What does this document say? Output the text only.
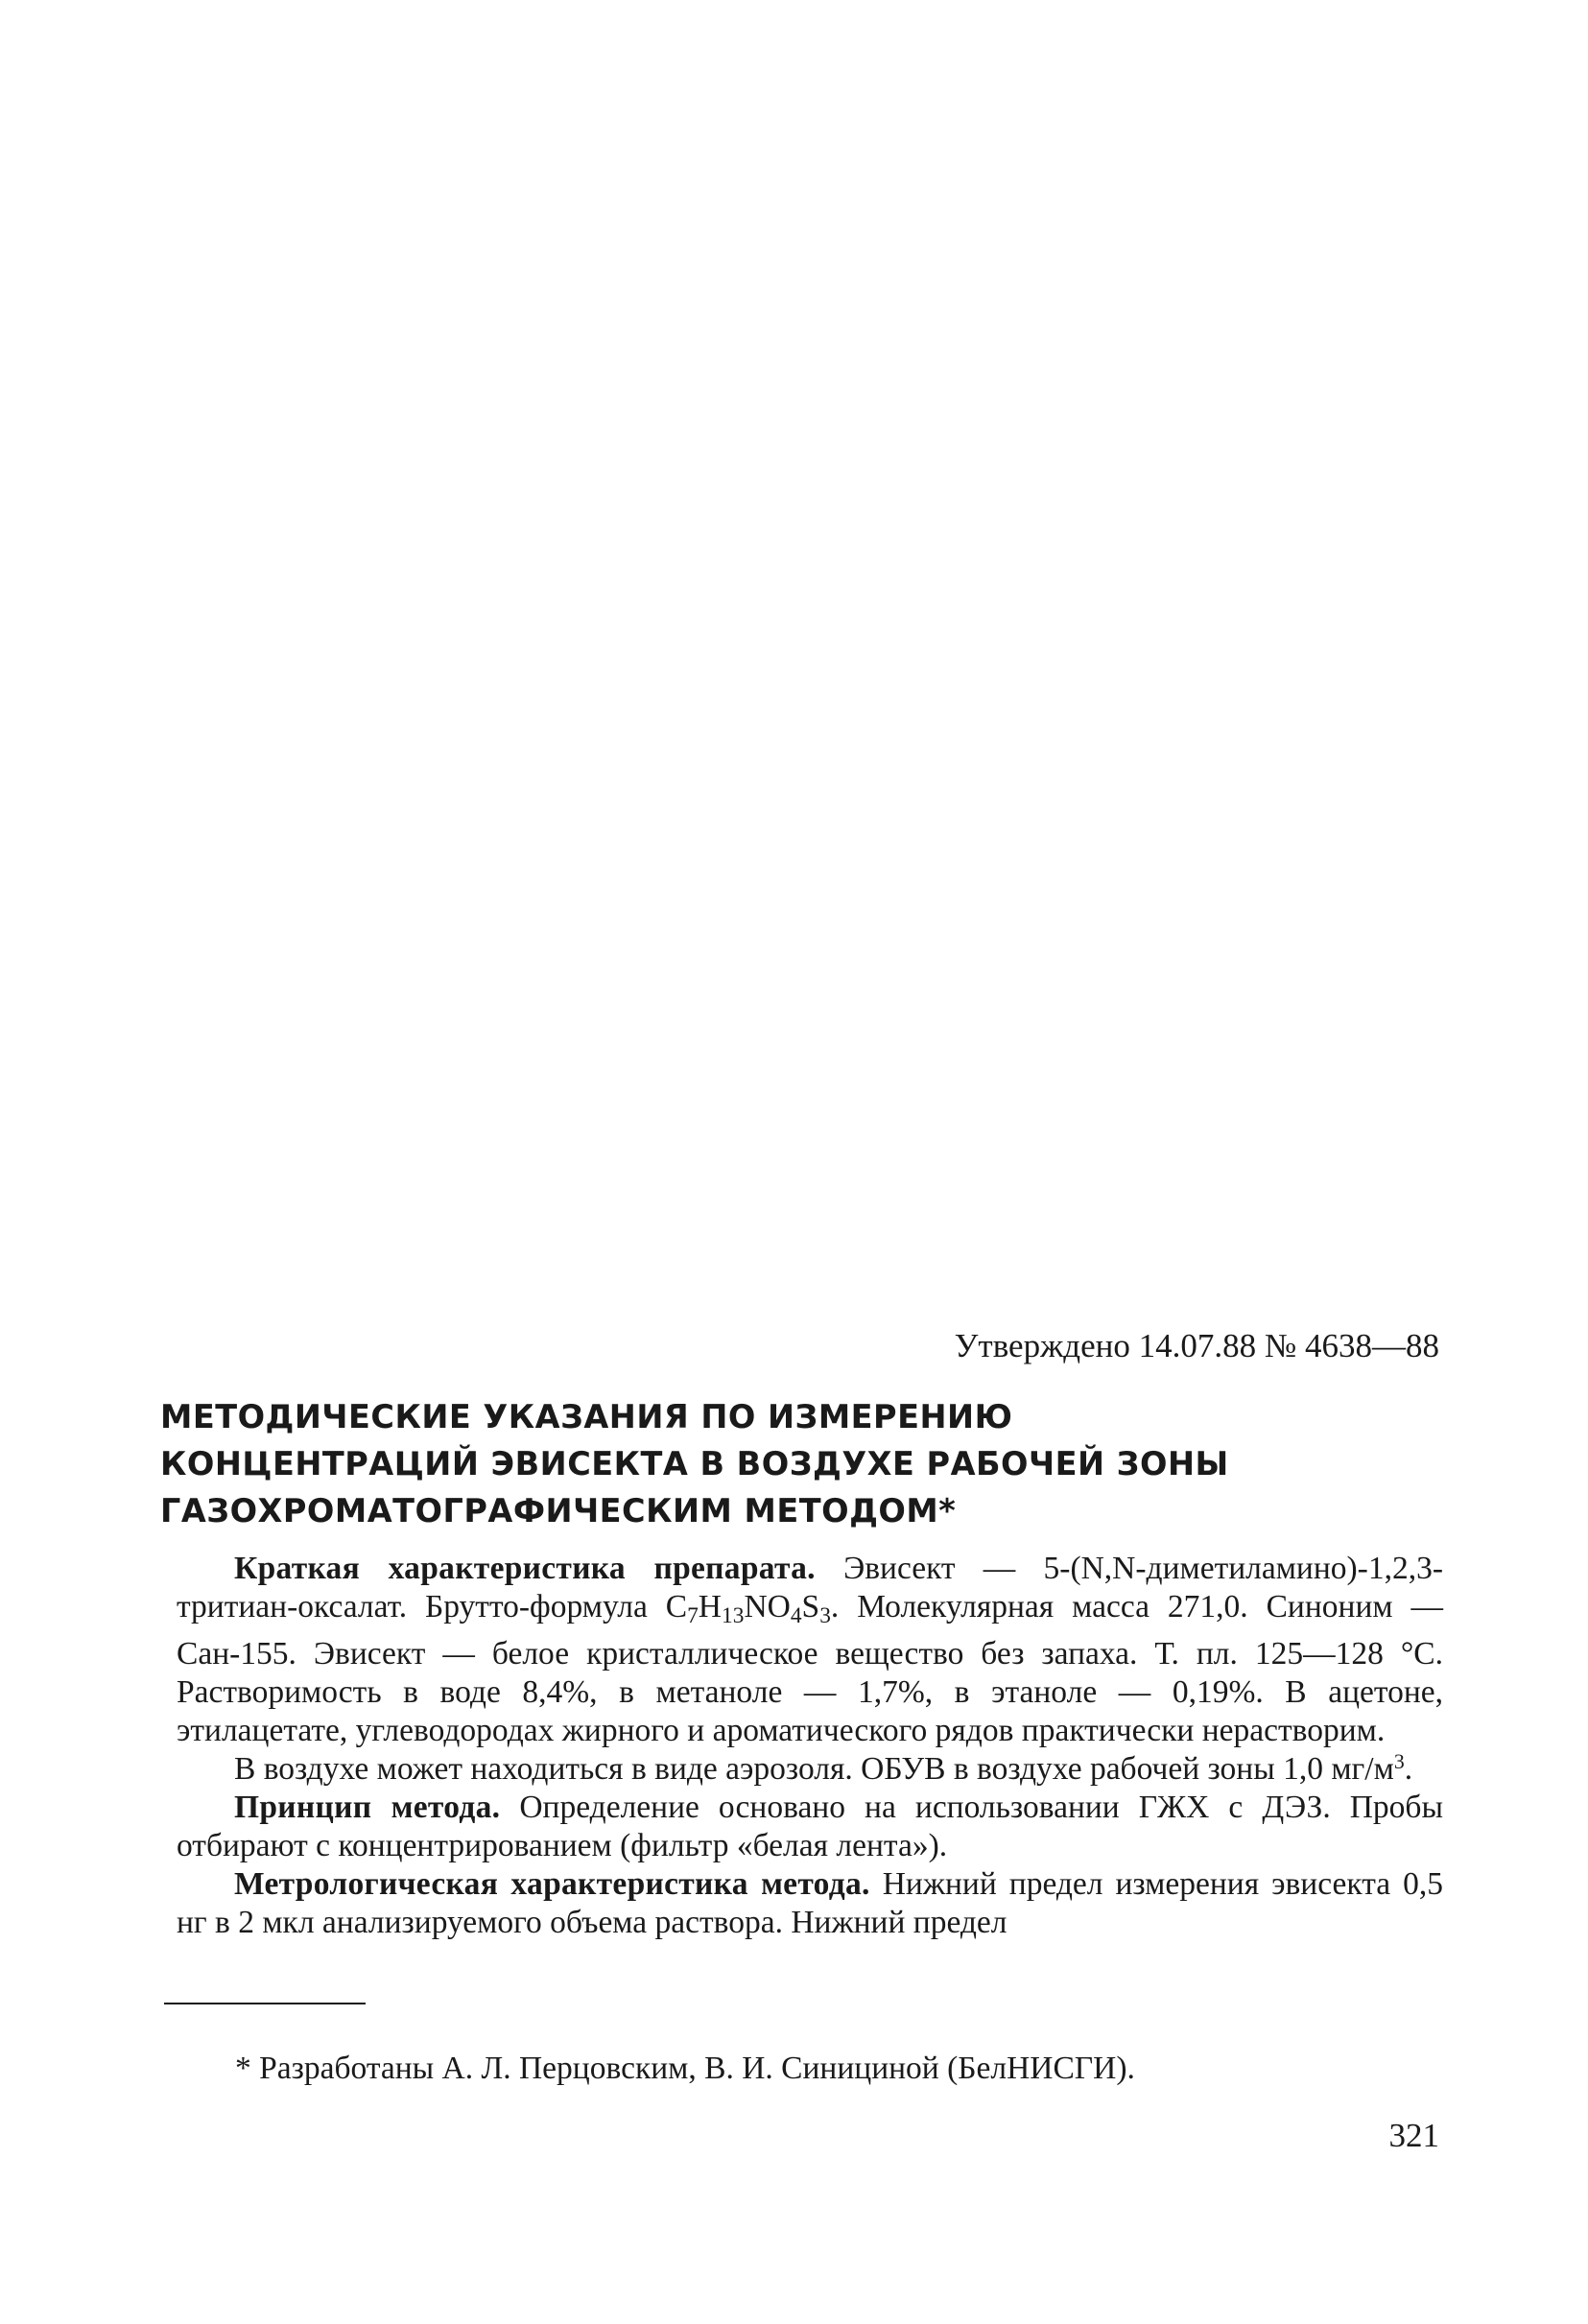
Утверждено 14.07.88 № 4638—88
МЕТОДИЧЕСКИЕ УКАЗАНИЯ ПО ИЗМЕРЕНИЮ
КОНЦЕНТРАЦИЙ ЭВИСЕКТА В ВОЗДУХЕ РАБОЧЕЙ ЗОНЫ
ГАЗОХРОМАТОГРАФИЧЕСКИМ МЕТОДОМ*

Краткая характеристика препарата. Эвисект — 5-(N,N-диметиламино)-1,2,3-тритиан-оксалат. Брутто-формула $C_7H_{13}NO_4S_3$. Молекулярная масса 271,0. Синоним — Сан-155. Эвисект — белое кристаллическое вещество без запаха. Т. пл. 125—128 °С. Растворимость в воде 8,4%, в метаноле — 1,7%, в этаноле — 0,19%. В ацетоне, этилацетате, углеводородах жирного и ароматического рядов практически нерастворим.

В воздухе может находиться в виде аэрозоля. ОБУВ в воздухе рабочей зоны 1,0 $мг/м^3$.

Принцип метода. Определение основано на использовании ГЖХ с ДЭЗ. Пробы отбирают с концентрированием (фильтр «белая лента»).

Метрологическая характеристика метода. Нижний предел измерения эвисекта 0,5 нг в 2 мкл анализируемого объема раствора. Нижний предел

* Разработаны А. Л. Перцовским, В. И. Синициной (БелНИСГИ).
321
